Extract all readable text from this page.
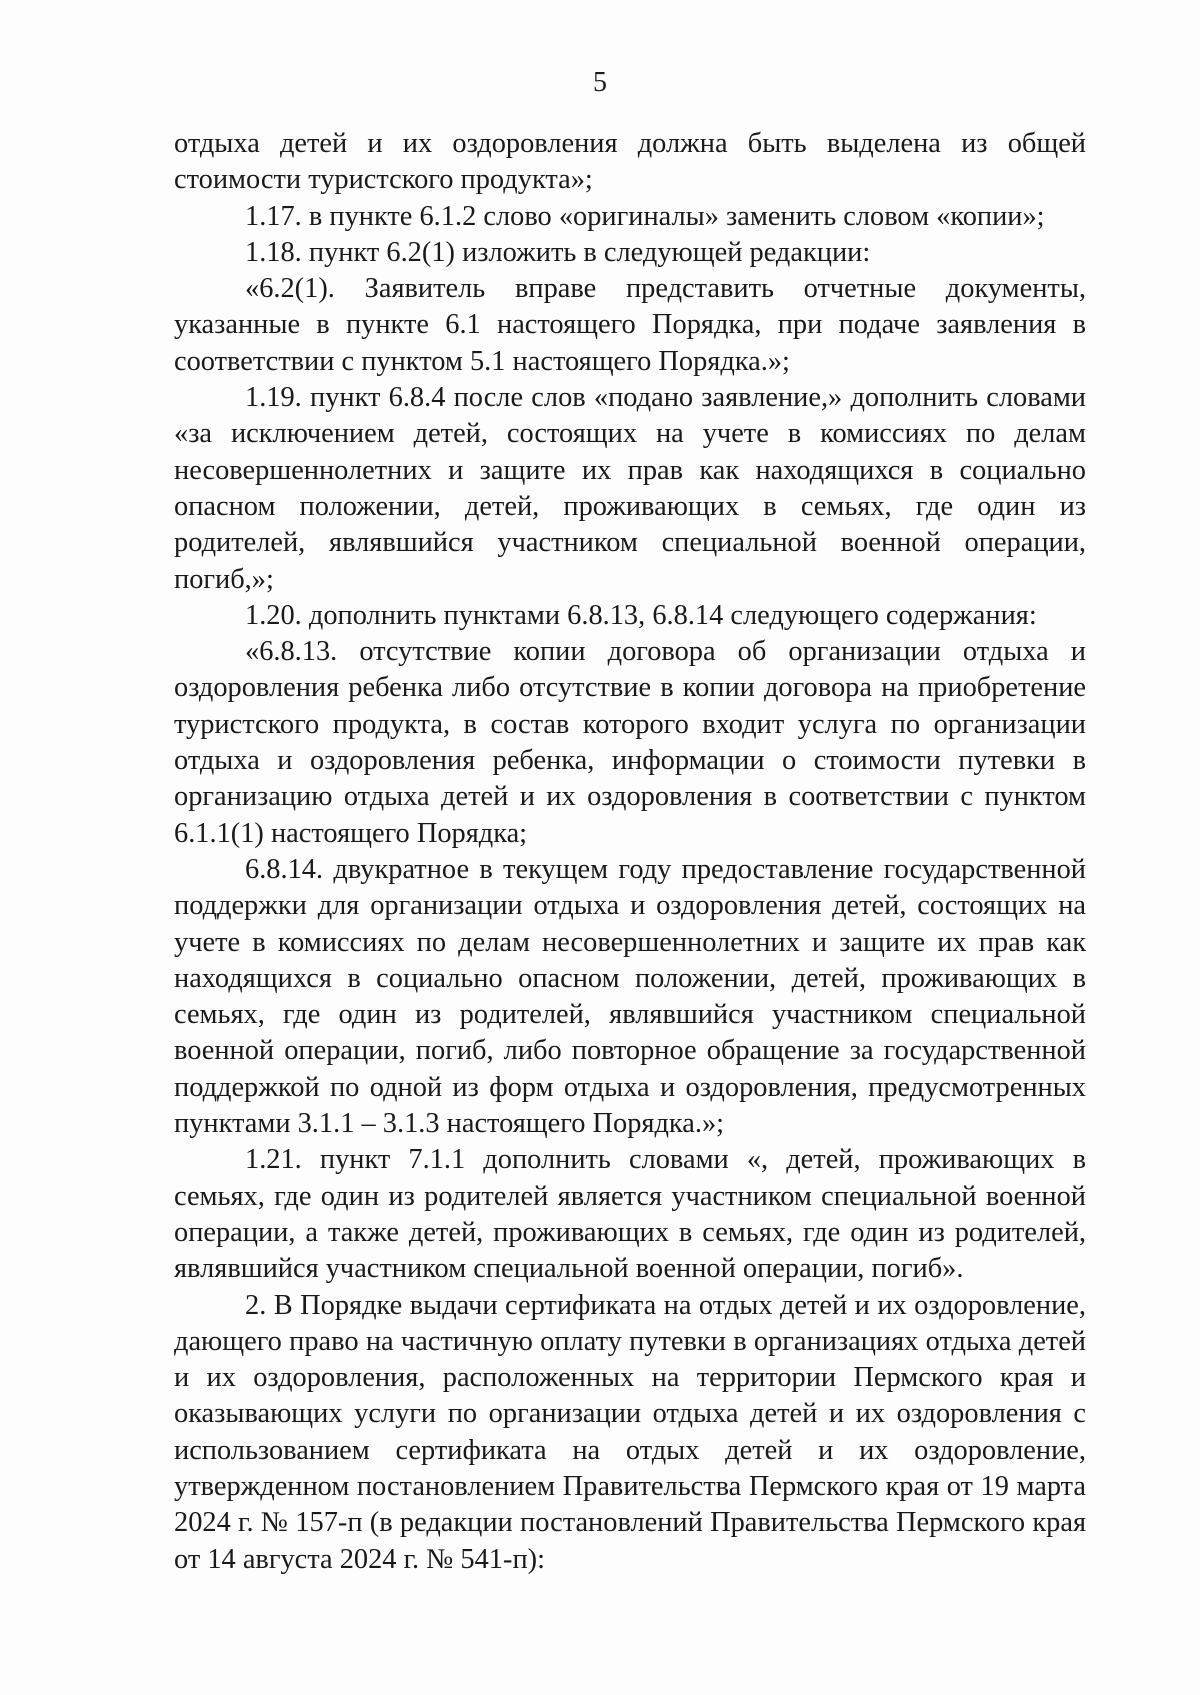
5

отдыха детей и их оздоровления должна быть выделена из общей стоимости туристского продукта»;

1.17. в пункте 6.1.2 слово «оригиналы» заменить словом «копии»;

1.18. пункт 6.2(1) изложить в следующей редакции:

«6.2(1). Заявитель вправе представить отчетные документы, указанные в пункте 6.1 настоящего Порядка, при подаче заявления в соответствии с пунктом 5.1 настоящего Порядка.»;

1.19. пункт 6.8.4 после слов «подано заявление,» дополнить словами «за исключением детей, состоящих на учете в комиссиях по делам несовершеннолетних и защите их прав как находящихся в социально опасном положении, детей, проживающих в семьях, где один из родителей, являвшийся участником специальной военной операции, погиб,»;

1.20. дополнить пунктами 6.8.13, 6.8.14 следующего содержания:

«6.8.13. отсутствие копии договора об организации отдыха и оздоровления ребенка либо отсутствие в копии договора на приобретение туристского продукта, в состав которого входит услуга по организации отдыха и оздоровления ребенка, информации о стоимости путевки в организацию отдыха детей и их оздоровления в соответствии с пунктом 6.1.1(1) настоящего Порядка;

6.8.14. двукратное в текущем году предоставление государственной поддержки для организации отдыха и оздоровления детей, состоящих на учете в комиссиях по делам несовершеннолетних и защите их прав как находящихся в социально опасном положении, детей, проживающих в семьях, где один из родителей, являвшийся участником специальной военной операции, погиб, либо повторное обращение за государственной поддержкой по одной из форм отдыха и оздоровления, предусмотренных пунктами 3.1.1 – 3.1.3 настоящего Порядка.»;

1.21. пункт 7.1.1 дополнить словами «, детей, проживающих в семьях, где один из родителей является участником специальной военной операции, а также детей, проживающих в семьях, где один из родителей, являвшийся участником специальной военной операции, погиб».

2. В Порядке выдачи сертификата на отдых детей и их оздоровление, дающего право на частичную оплату путевки в организациях отдыха детей и их оздоровления, расположенных на территории Пермского края и оказывающих услуги по организации отдыха детей и их оздоровления с использованием сертификата на отдых детей и их оздоровление, утвержденном постановлением Правительства Пермского края от 19 марта 2024 г. № 157-п (в редакции постановлений Правительства Пермского края от 14 августа 2024 г. № 541-п):
